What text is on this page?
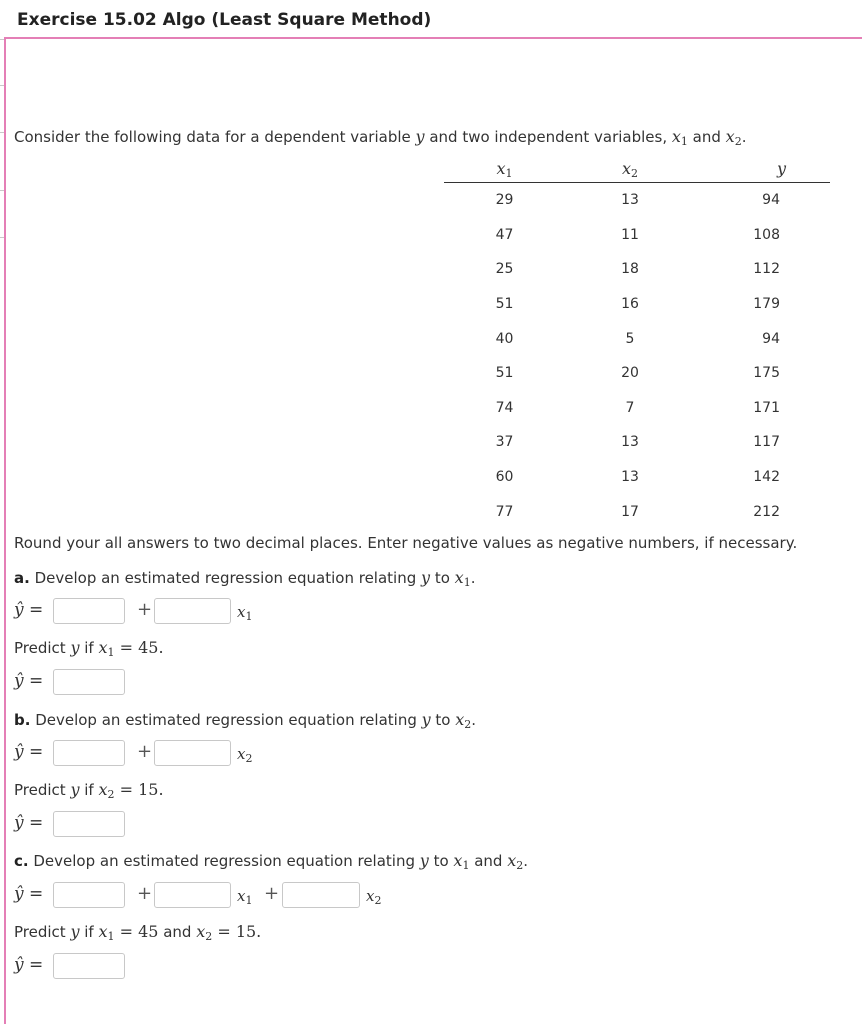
Exercise 15.02 Algo (Least Square Method)
Consider the following data for a dependent variable y and two independent variables, $x_1$ and $x_2$.
$x_1$	$x_2$	y
29	13	94
47	11	108
25	18	112
51	16	179
40	5	94
51	20	175
74	7	171
37	13	117
60	13	142
77	17	212
Round your all answers to two decimal places. Enter negative values as negative numbers, if necessary.
a. Develop an estimated regression equation relating y to $x_1$.
ŷ =	+	$x_1$
Predict y if $x_1 = 45$.
ŷ =
b. Develop an estimated regression equation relating y to $x_2$.
ŷ =	+	$x_2$
Predict y if $x_2 = 15$.
ŷ =
c. Develop an estimated regression equation relating y to $x_1$ and $x_2$.
ŷ =	+	$x_1$ +	$x_2$
Predict y if $x_1 = 45$ and $x_2 = 15$.
ŷ =
